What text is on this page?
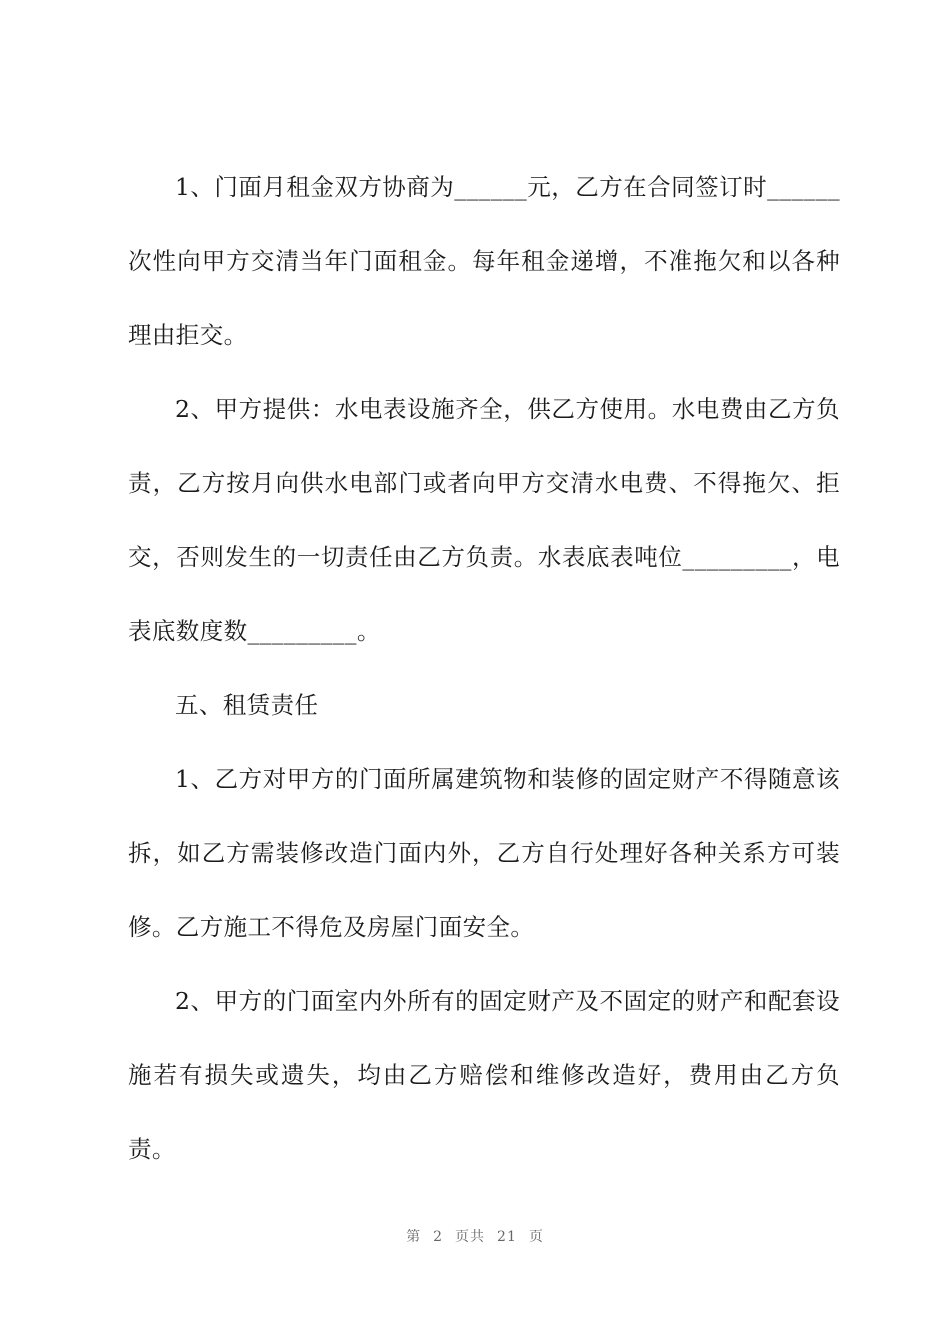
1、门面月租金双方协商为______元，乙方在合同签订时______次性向甲方交清当年门面租金。每年租金递增，不准拖欠和以各种理由拒交。

2、甲方提供：水电表设施齐全，供乙方使用。水电费由乙方负责，乙方按月向供水电部门或者向甲方交清水电费、不得拖欠、拒交，否则发生的一切责任由乙方负责。水表底表吨位_________，电表底数度数_________。

五、租赁责任

1、乙方对甲方的门面所属建筑物和装修的固定财产不得随意该拆，如乙方需装修改造门面内外，乙方自行处理好各种关系方可装修。乙方施工不得危及房屋门面安全。

2、甲方的门面室内外所有的固定财产及不固定的财产和配套设施若有损失或遗失，均由乙方赔偿和维修改造好，费用由乙方负责。

第 2 页共 21 页
